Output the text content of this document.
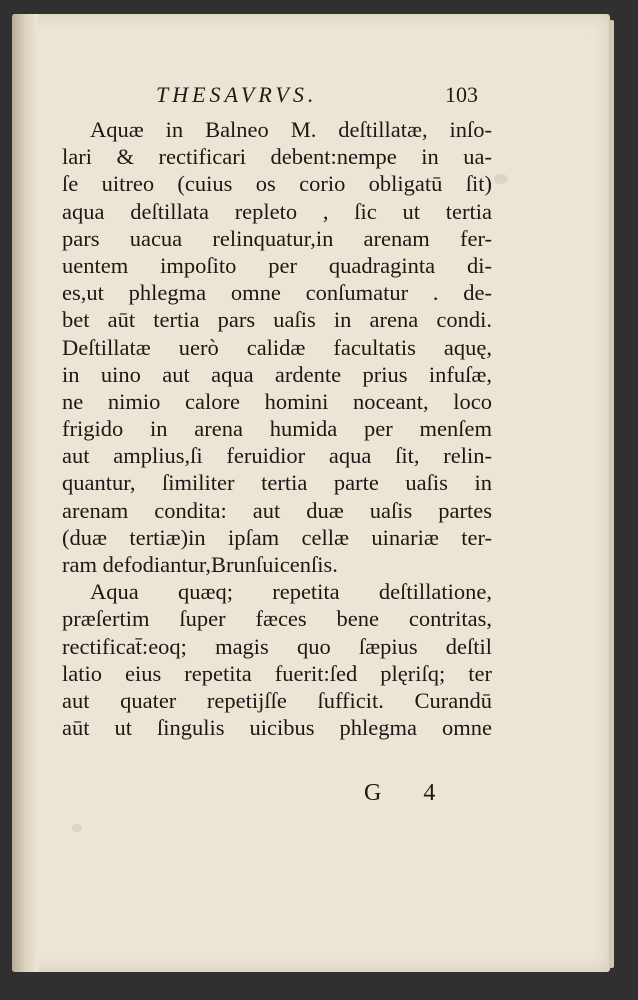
THESAVRVS.	103
Aquæ in Balneo M. deſtillatæ, inſo-
lari & rectificari debent:nempe in ua-
ſe uitreo (cuius os corio obligatū ſit)
aqua deſtillata repleto , ſic ut tertia
pars uacua relinquatur,in arenam fer-
uentem impoſito per quadraginta di-
es,ut phlegma omne conſumatur . de-
bet aūt tertia pars uaſis in arena condi.
Deſtillatæ uerò calidæ facultatis aquę,
in uino aut aqua ardente prius infuſæ,
ne nimio calore homini noceant, loco
frigido in arena humida per menſem
aut amplius,ſi feruidior aqua ſit, relin-
quantur, ſimiliter tertia parte uaſis in
arenam condita: aut duæ uaſis partes
(duæ tertiæ)in ipſam cellæ uinariæ ter-
ram defodiantur,Brunſuicenſis.
Aqua quæq; repetita deſtillatione,
præſertim ſuper fæces bene contritas,
rectificat̄:eoq; magis quo ſæpius deſtil
latio eius repetita fuerit:ſed plęriſq; ter
aut quater repetijſſe ſufficit. Curandū
aūt ut ſingulis uicibus phlegma omne
G 4
